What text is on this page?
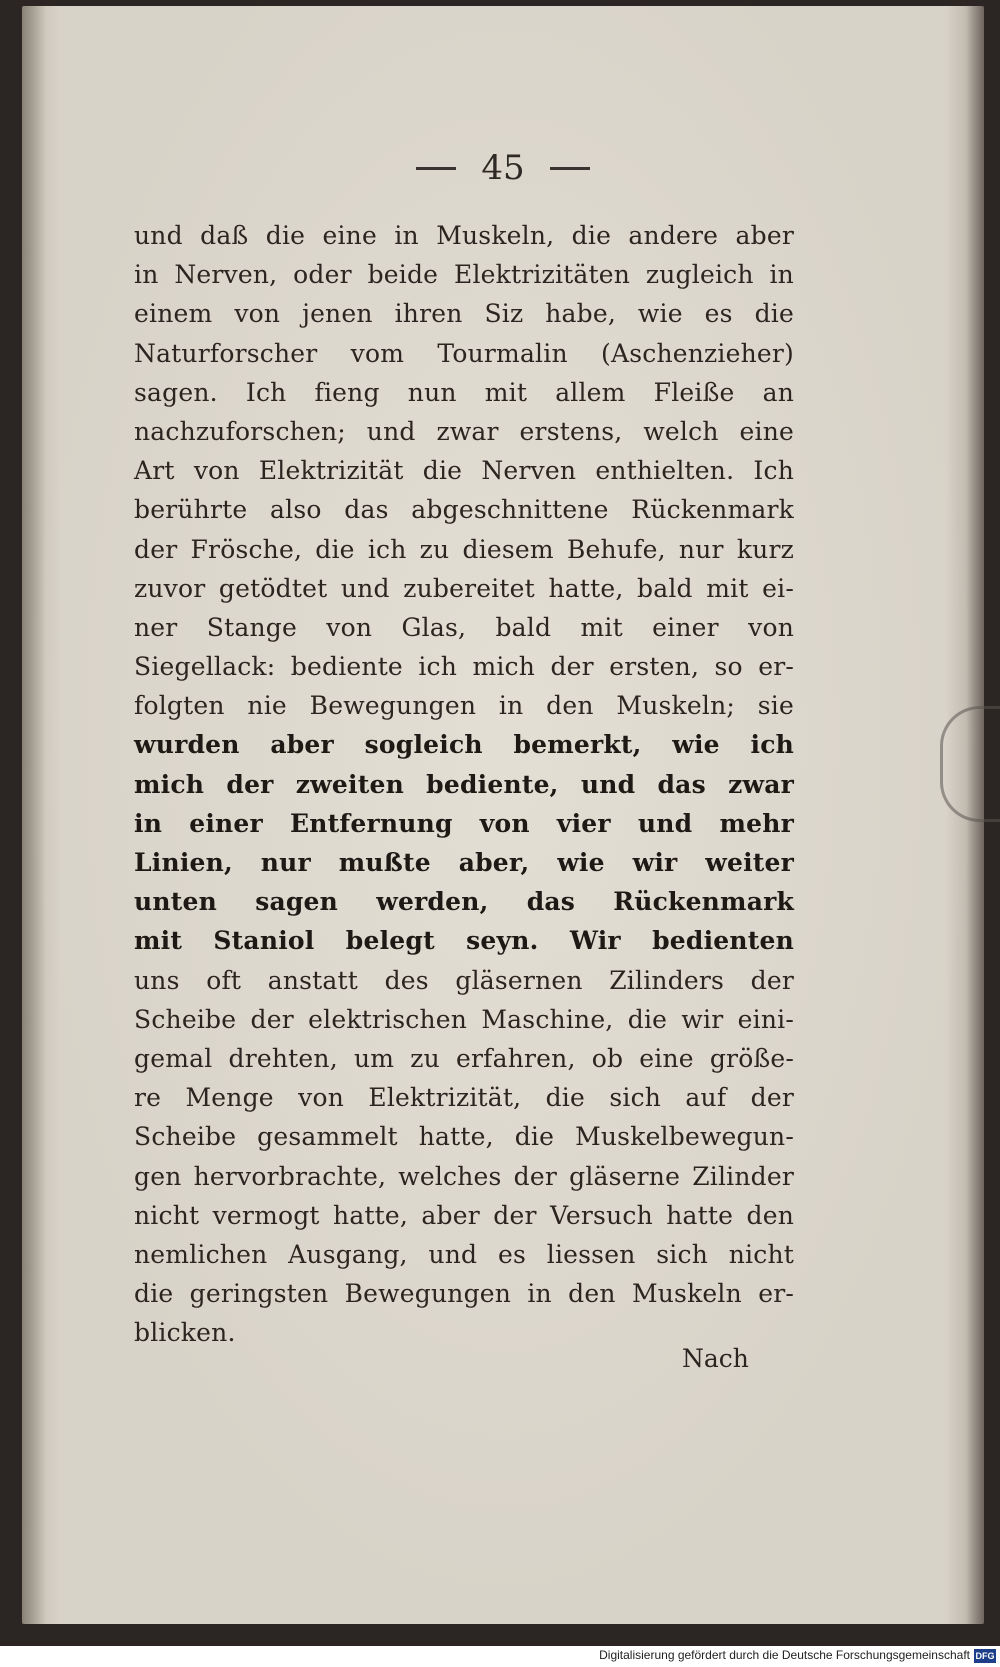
45
und daß die eine in Muskeln, die andere aber
in Nerven, oder beide Elektrizitäten zugleich in
einem von jenen ihren Siz habe, wie es die
Naturforscher vom Tourmalin (Aschenzieher)
sagen. Ich fieng nun mit allem Fleiße an
nachzuforschen; und zwar erstens, welch eine
Art von Elektrizität die Nerven enthielten. Ich
berührte also das abgeschnittene Rückenmark
der Frösche, die ich zu diesem Behufe, nur kurz
zuvor getödtet und zubereitet hatte, bald mit ei-
ner Stange von Glas, bald mit einer von
Siegellack: bediente ich mich der ersten, so er-
folgten nie Bewegungen in den Muskeln; sie
wurden aber sogleich bemerkt, wie ich
mich der zweiten bediente, und das zwar
in einer Entfernung von vier und mehr
Linien, nur mußte aber, wie wir weiter
unten sagen werden, das Rückenmark
mit Staniol belegt seyn. Wir bedienten
uns oft anstatt des gläsernen Zilinders der
Scheibe der elektrischen Maschine, die wir eini-
gemal drehten, um zu erfahren, ob eine größe-
re Menge von Elektrizität, die sich auf der
Scheibe gesammelt hatte, die Muskelbewegun-
gen hervorbrachte, welches der gläserne Zilinder
nicht vermogt hatte, aber der Versuch hatte den
nemlichen Ausgang, und es liessen sich nicht
die geringsten Bewegungen in den Muskeln er-
blicken.
Nach
Digitalisierung gefördert durch die Deutsche Forschungsgemeinschaft DFG
